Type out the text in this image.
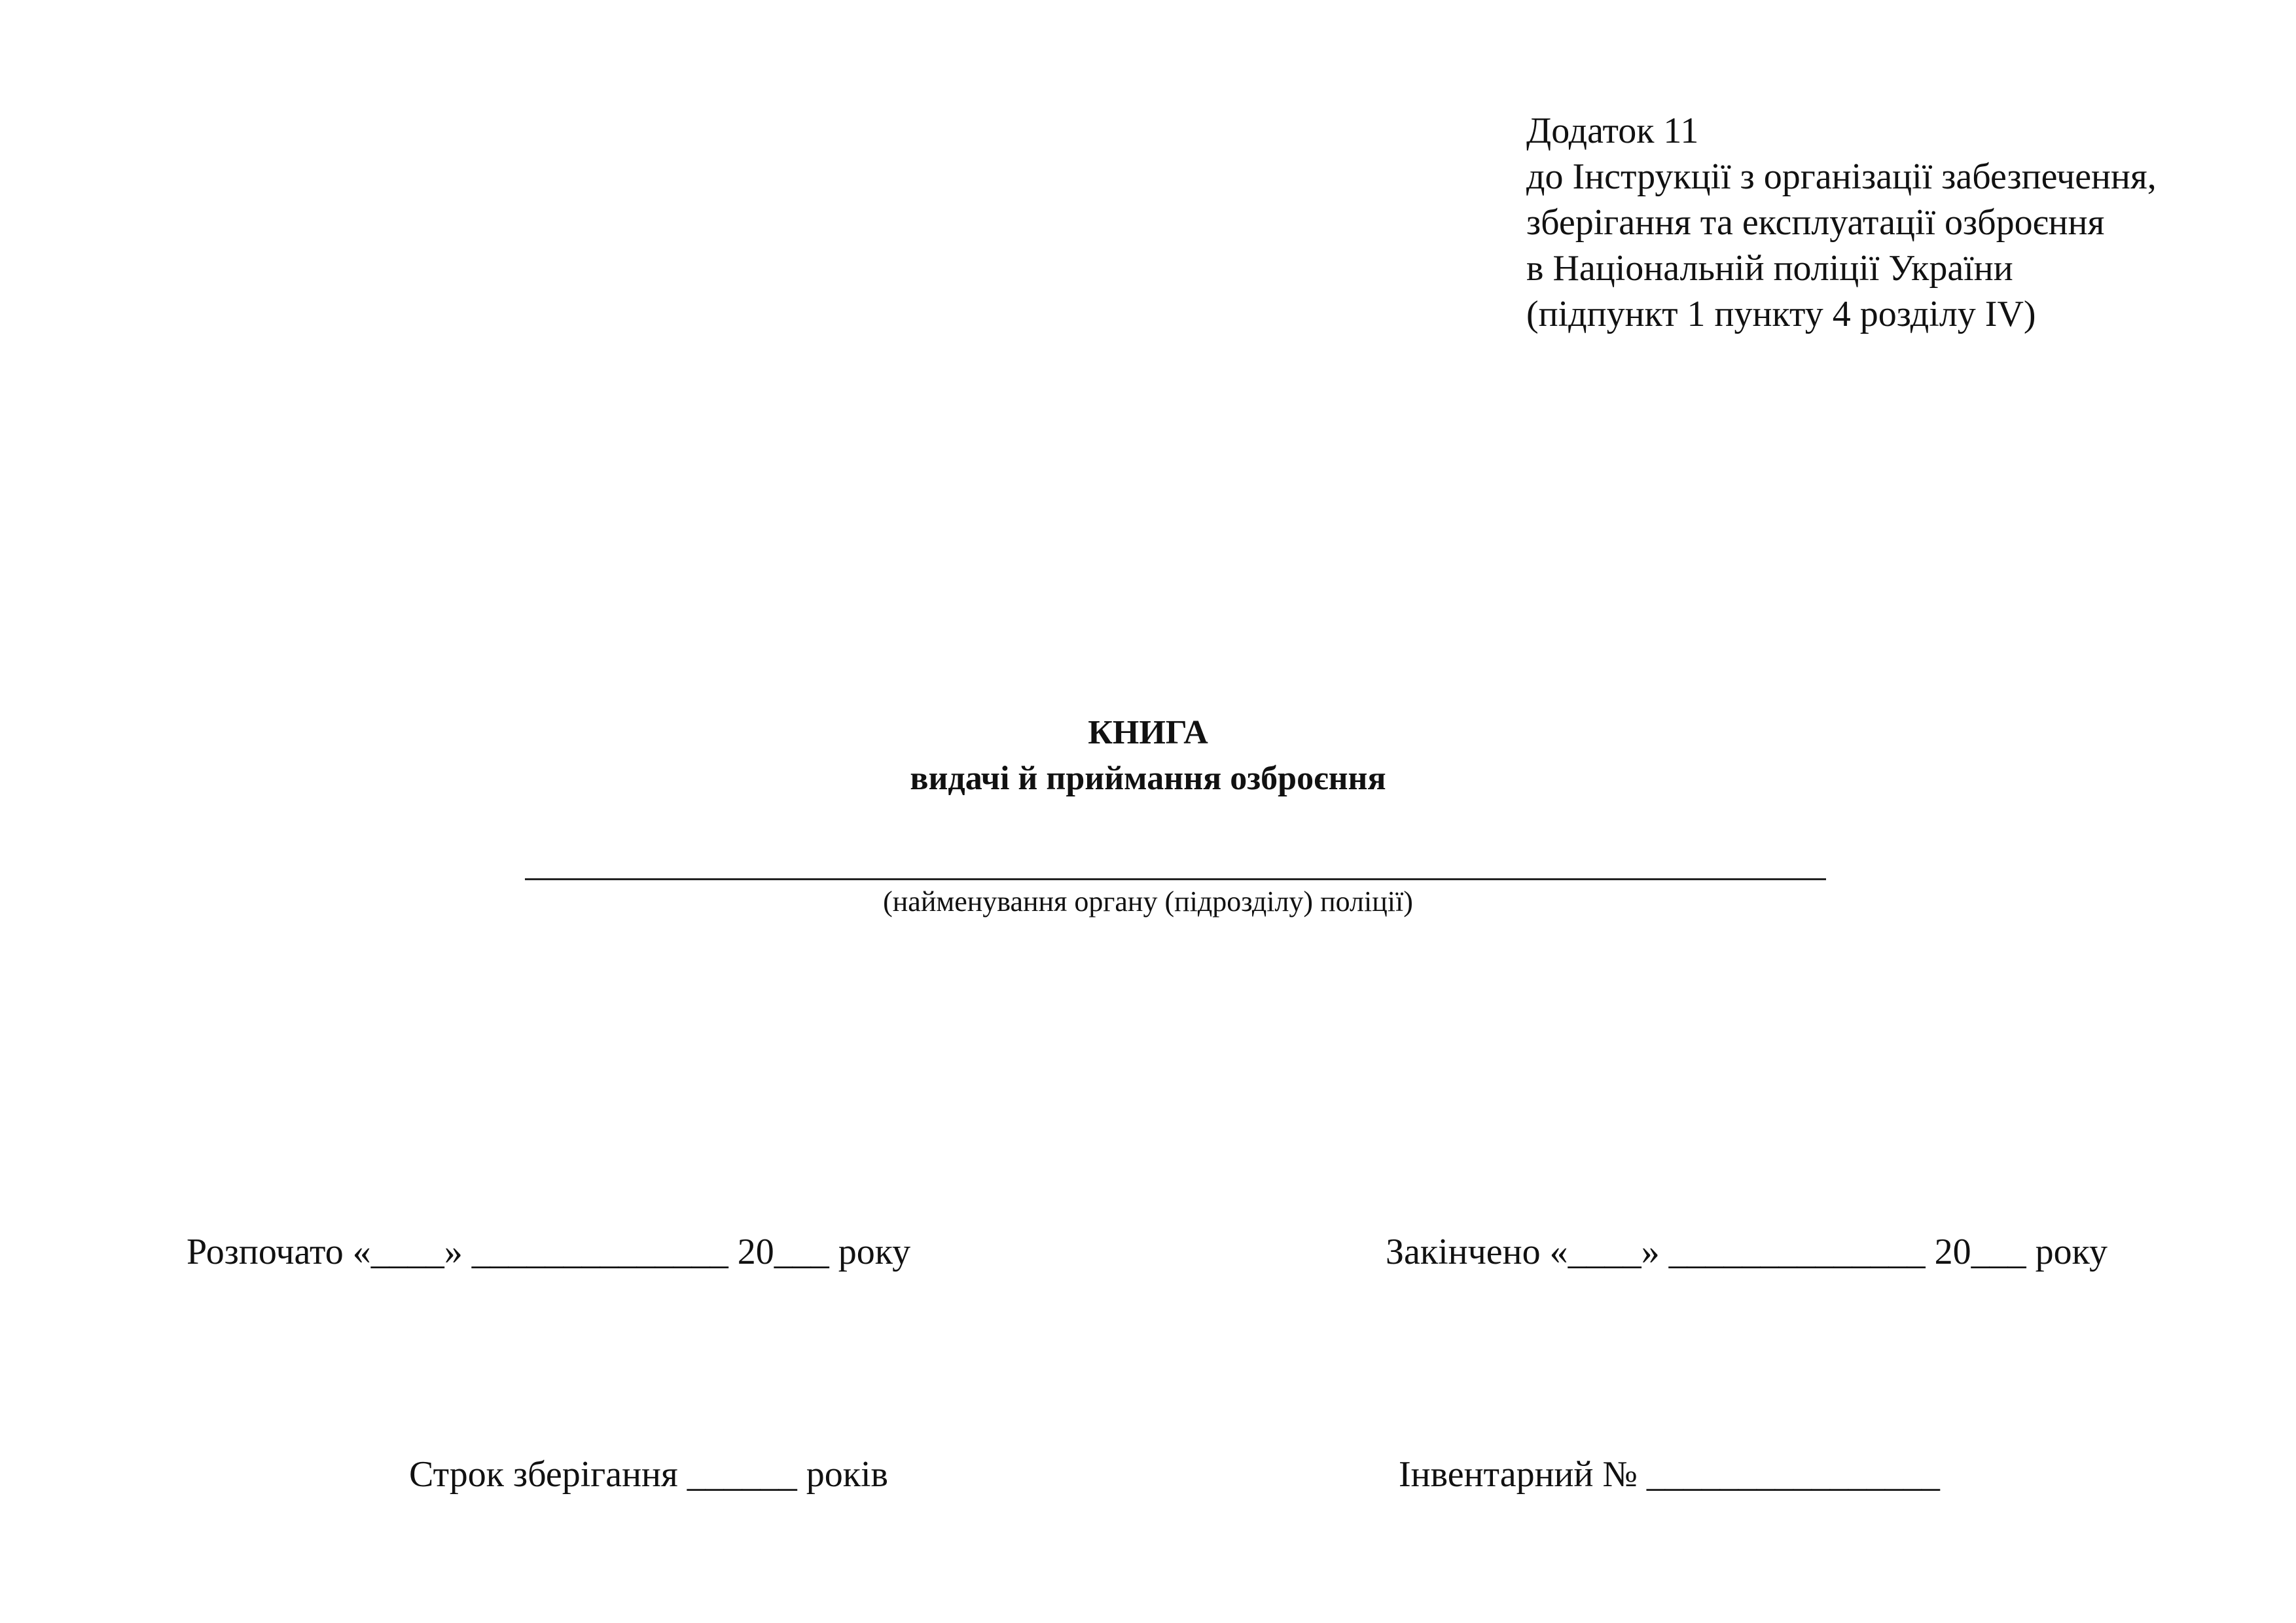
Додаток 11
до Інструкції з організації забезпечення,
зберігання та експлуатації озброєння
в Національній поліції України
(підпункт 1 пункту 4 розділу IV)
КНИГА
видачі й приймання озброєння
(найменування органу (підрозділу) поліції)
Розпочато «____» ______________ 20___ року	Закінчено «____» ______________ 20___ року
Строк зберігання ______ років	Інвентарний № ________________
